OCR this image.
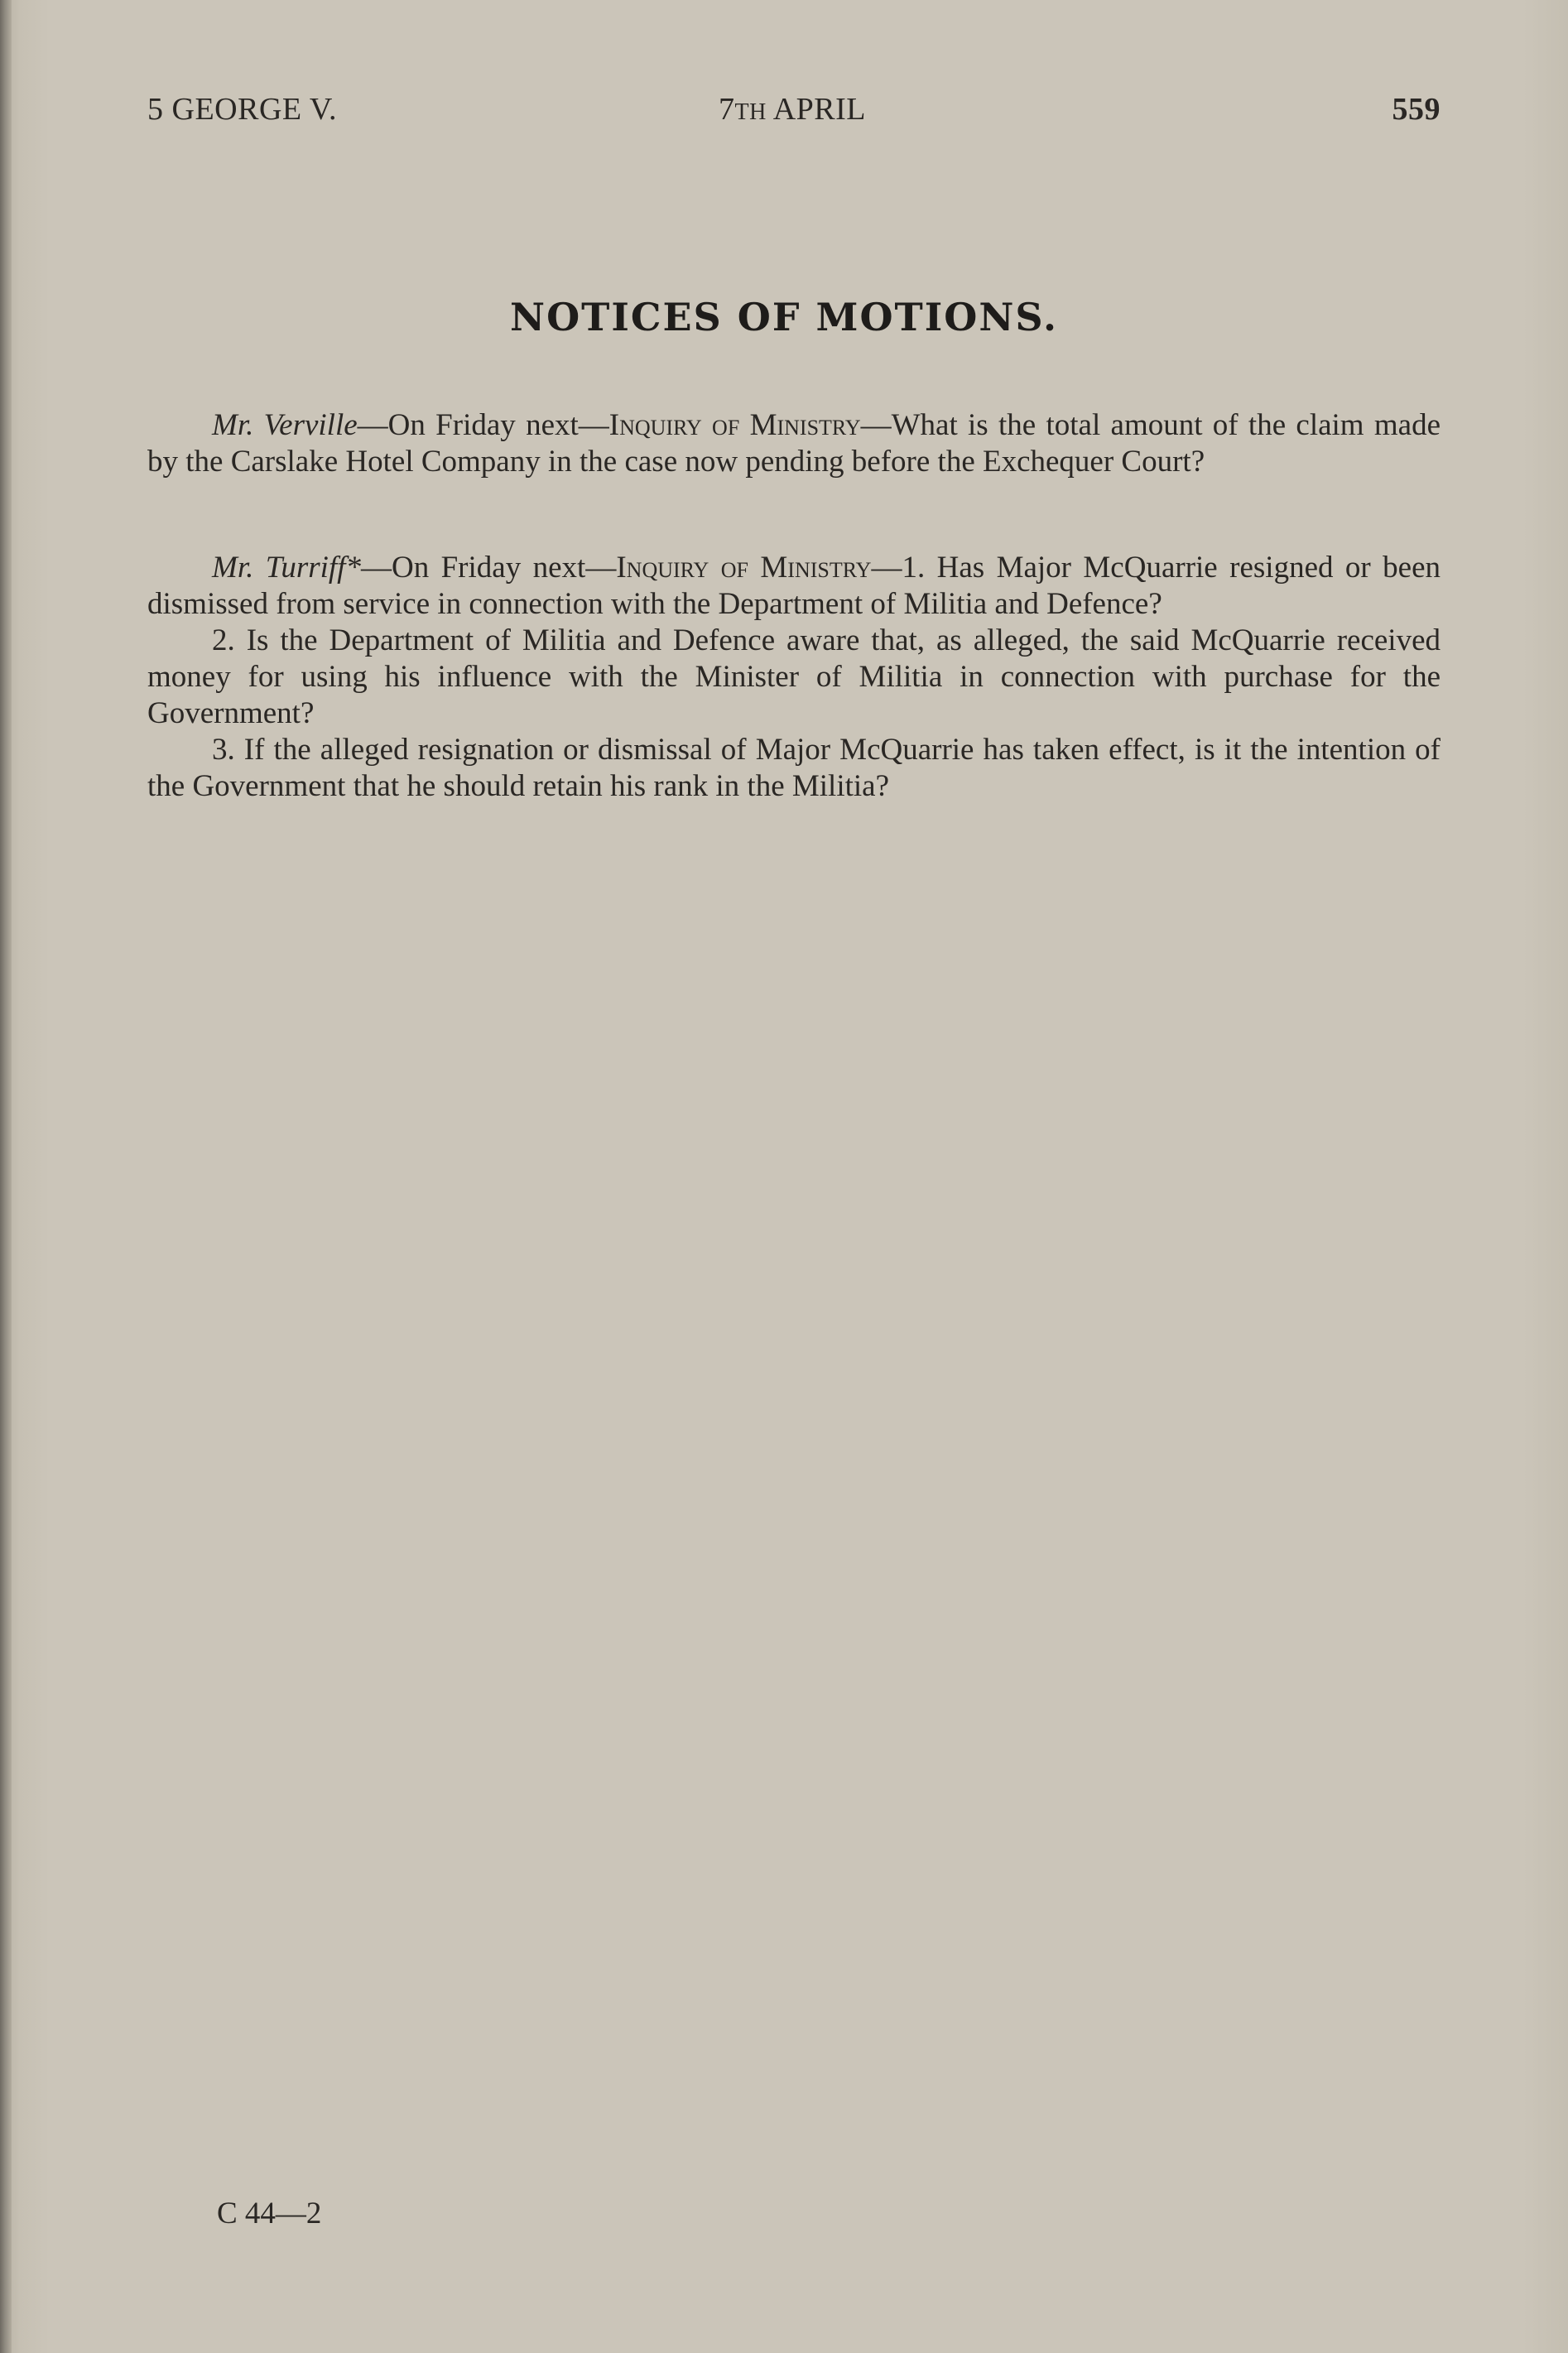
5 GEORGE V.	7TH APRIL	559
NOTICES OF MOTIONS.

Mr. Verville—On Friday next—Inquiry of Ministry—What is the total amount of the claim made by the Carslake Hotel Company in the case now pending before the Exchequer Court?

Mr. Turriff*—On Friday next—Inquiry of Ministry—1. Has Major McQuarrie resigned or been dismissed from service in connection with the Department of Militia and Defence?

2. Is the Department of Militia and Defence aware that, as alleged, the said McQuarrie received money for using his influence with the Minister of Militia in connection with purchase for the Government?

3. If the alleged resignation or dismissal of Major McQuarrie has taken effect, is it the intention of the Government that he should retain his rank in the Militia?

C 44—2
